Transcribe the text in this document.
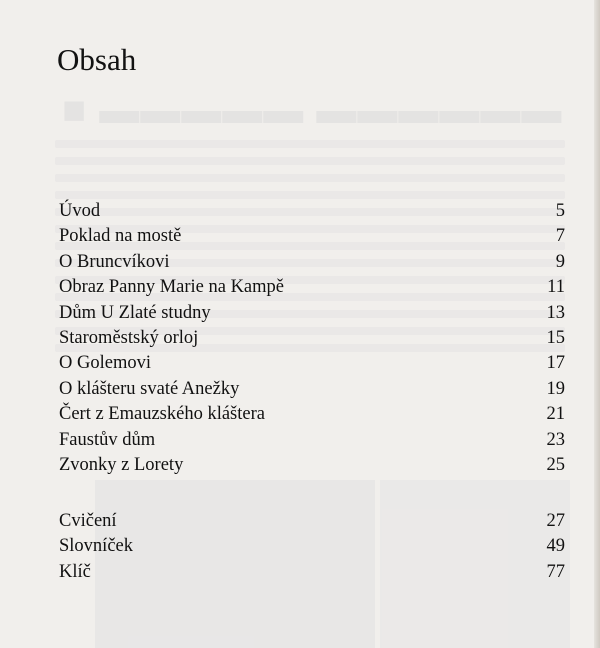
■ ▬▬▬▬▬ ▬▬▬▬▬▬
Obsah
Úvod	5
Poklad na mostě	7
O Bruncvíkovi	9
Obraz Panny Marie na Kampě	11
Dům U Zlaté studny	13
Staroměstský orloj	15
O Golemovi	17
O klášteru svaté Anežky	19
Čert z Emauzského kláštera	21
Faustův dům	23
Zvonky z Lorety	25
Cvičení	27
Slovníček	49
Klíč	77
